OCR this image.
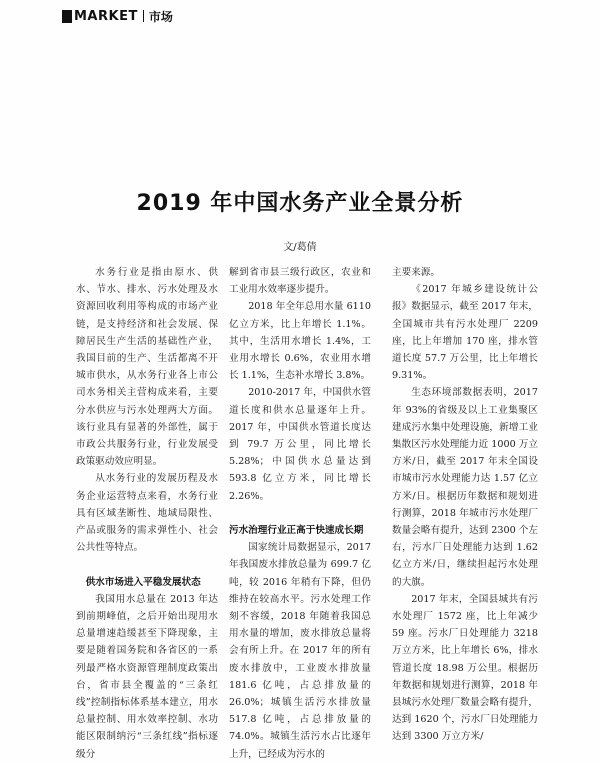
MARKET 市场
2019 年中国水务产业全景分析
文/葛倩

水务行业是指由原水、供水、节水、排水、污水处理及水资源回收利用等构成的市场产业链，是支持经济和社会发展、保障居民生产生活的基础性产业，我国目前的生产、生活都离不开城市供水，从水务行业各上市公司水务相关主营构成来看，主要分水供应与污水处理两大方面。该行业具有显著的外部性，属于市政公共服务行业，行业发展受政策驱动效应明显。

从水务行业的发展历程及水务企业运营特点来看，水务行业具有区域垄断性、地域局限性、产品或服务的需求弹性小、社会公共性等特点。

供水市场进入平稳发展状态

我国用水总量在 2013 年达到前期峰值，之后开始出现用水总量增速趋缓甚至下降现象，主要是随着国务院和各省区的一系列最严格水资源管理制度政策出台，省市县全覆盖的“三条红线”控制指标体系基本建立，用水总量控制、用水效率控制、水功能区限制纳污“三条红线”指标逐级分

解到省市县三级行政区，农业和工业用水效率逐步提升。

2018 年全年总用水量 6110 亿立方米，比上年增长 1.1%。其中，生活用水增长 1.4%，工业用水增长 0.6%，农业用水增长 1.1%，生态补水增长 3.8%。

2010-2017 年，中国供水管道长度和供水总量逐年上升。2017 年，中国供水管道长度达到 79.7 万公里，同比增长 5.28%；中国供水总量达到 593.8 亿立方米，同比增长 2.26%。

污水治理行业正高于快速成长期

国家统计局数据显示，2017 年我国废水排放总量为 699.7 亿吨，较 2016 年稍有下降，但仍维持在较高水平。污水处理工作刻不容缓，2018 年随着我国总用水量的增加，废水排放总量将会有所上升。在 2017 年的所有废水排放中，工业废水排放量 181.6 亿吨，占总排放量的 26.0%；城镇生活污水排放量 517.8 亿吨，占总排放量的 74.0%。城镇生活污水占比逐年上升，已经成为污水的

主要来源。

《2017 年城乡建设统计公报》数据显示，截至 2017 年末，全国城市共有污水处理厂 2209 座，比上年增加 170 座，排水管道长度 57.7 万公里，比上年增长 9.31%。

生态环境部数据表明，2017 年 93%的省级及以上工业集聚区建成污水集中处理设施，新增工业集散区污水处理能力近 1000 万立方米/日，截至 2017 年末全国设市城市污水处理能力达 1.57 亿立方米/日。根据历年数据和规划进行测算，2018 年城市污水处理厂数量会略有提升，达到 2300 个左右，污水厂日处理能力达到 1.62 亿立方米/日，继续担起污水处理的大旗。

2017 年末，全国县城共有污水处理厂 1572 座，比上年减少 59 座。污水厂日处理能力 3218 万立方米，比上年增长 6%，排水管道长度 18.98 万公里。根据历年数据和规划进行测算，2018 年县城污水处理厂数量会略有提升，达到 1620 个，污水厂日处理能力达到 3300 万立方米/
